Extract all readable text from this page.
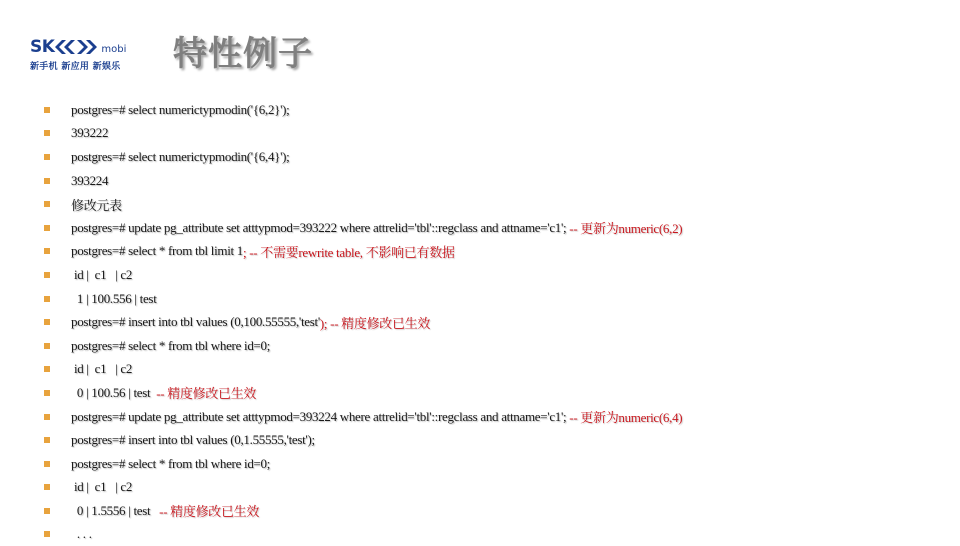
SK	mobi
新手机 新应用 新娱乐	特性例子
postgres=# select numerictypmodin('{6,2}');
393222
postgres=# select numerictypmodin('{6,4}');
393224
修改元表
postgres=# update pg_attribute set atttypmod=393222 where attrelid='tbl'::regclass and attname='c1'; -- 更新为numeric(6,2)
postgres=# select * from tbl limit 1 ; -- 不需要rewrite table, 不影响已有数据
id |  c1   | c2
1 | 100.556 | test
postgres=# insert into tbl values (0,100.55555,'test' ); -- 精度修改已生效
postgres=# select * from tbl where id=0;
id |  c1   | c2
0 | 100.56 | test -- 精度修改已生效
postgres=# update pg_attribute set atttypmod=393224 where attrelid='tbl'::regclass and attname='c1'; -- 更新为numeric(6,4)
postgres=# insert into tbl values (0,1.55555,'test');
postgres=# select * from tbl where id=0;
id |  c1   | c2
0 | 1.5556 | test -- 精度修改已生效
. . .
